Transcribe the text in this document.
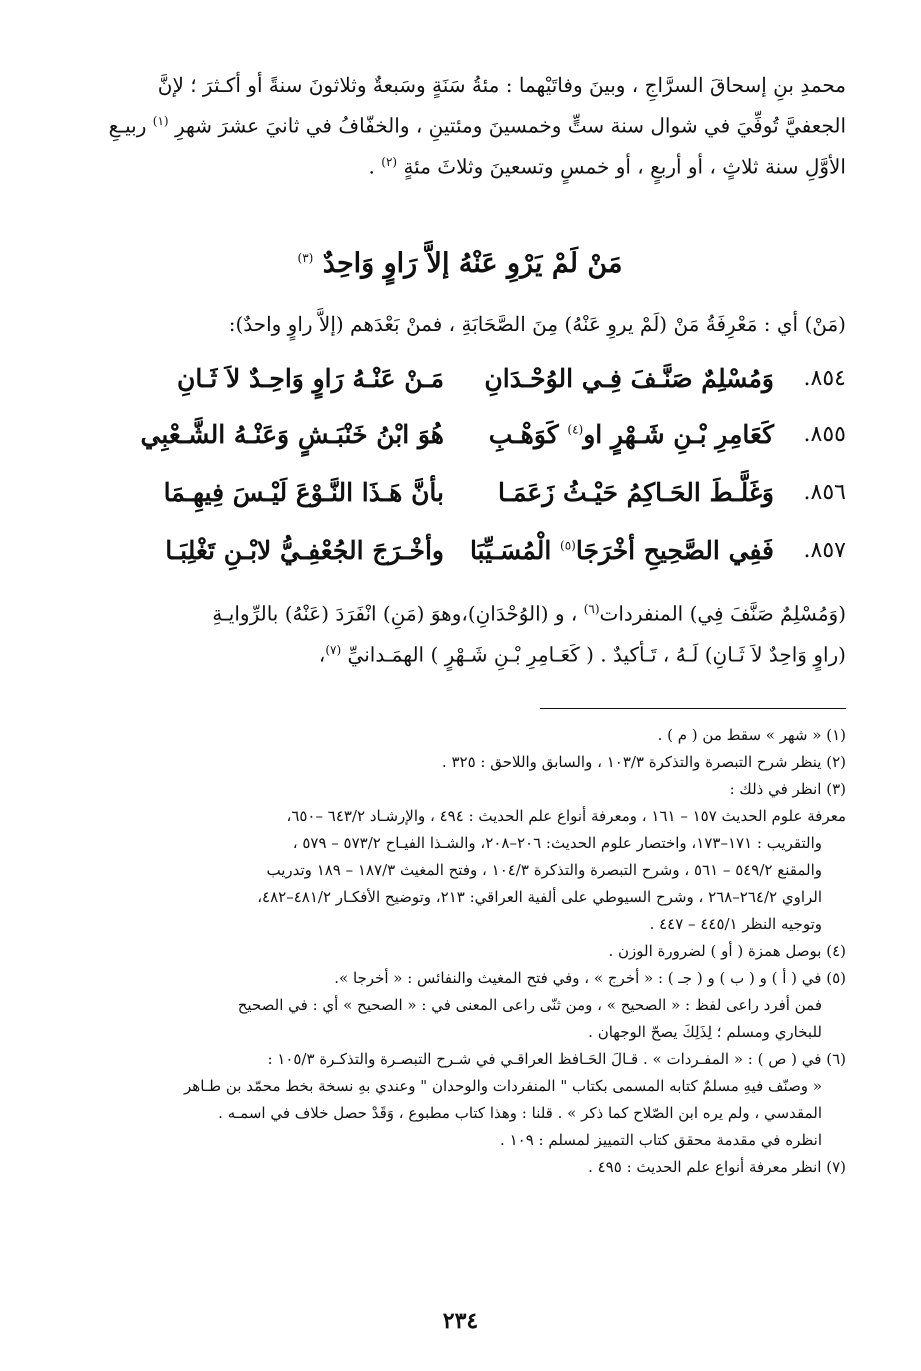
محمدِ بنِ إسحاقَ السرَّاجِ ، وبينَ وفاتَيْهما : مئةُ سَنَةٍ وسَبعةٌ وثلاثونَ سنةً أو أكـثرَ ؛ لإنَّ

الجعفيَّ تُوفِّيَ في شوال سنة ستٍّ وخمسينَ ومئتينِ ، والخفّافُ في ثانيَ عشرَ شهرِ $^{(١)}$ ربيـعِ

الأوَّلِ سنة ثلاثٍ ، أو أربعٍ ، أو خمسٍ وتسعينَ وثلاثَ مئةٍ $^{(٢)}$ .

مَنْ لَمْ يَرْوِ عَنْهُ إلاَّ رَاوٍ وَاحِدٌ $^{(٣)}$
(مَنْ) أي : مَعْرِفَةُ مَنْ (لَمْ يروِ عَنْهُ) مِنَ الصَّحَابَةِ ، فمنْ بَعْدَهم (إلاَّ راوٍ واحدٌ):
٨٥٤.
وَمُسْلِمٌ صَنَّـفَ فِـي الوُحْـدَانِ
مَـنْ عَنْـهُ رَاوٍ وَاحِـدٌ لاَ ثَـانِ
٨٥٥.
كَعَامِرِ بْـنِ شَـهْرٍ او$^{(٤)}$ كَوَهْـبِ
هُوَ ابْنُ خَنْبَـشٍ وَعَنْـهُ الشَّـعْبِي
٨٥٦.
وَغَلَّـطَ الحَـاكِمُ حَيْـثُ زَعَمَـا
بأنَّ هَـذَا النَّـوْعَ لَيْـسَ فِيهِـمَا
٨٥٧.
فَفِي الصَّحِيحِ أخْرَجَا$^{(٥)}$ الْمُسَـيِّبَا
وأخْـرَجَ الجُعْفِـيُّ لابْـنِ تَغْلِبَـا

(وَمُسْلِمٌ صَنَّفَ فِي) المنفردات$^{(٦)}$ ، و (الوُحْدَانِ)،وهوَ (مَنِ) انْفَرَدَ (عَنْهُ) بالرِّوايـةِ

(راوٍ وَاحِدٌ لاَ ثَـانِ) لَـهُ ، تَـأكيدٌ . ( كَعَـامِرِ بْـنِ شَـهْرٍ ) الهمَـدانيِّ $^{(٧)}$،

(١) « شهر » سقط من ( م ) .

(٢) ينظر شرح التبصرة والتذكرة ١٠٣/٣ ، والسابق واللاحق : ٣٢٥ .

(٣) انظر في ذلك :

معرفة علوم الحديث ١٥٧ – ١٦١ ، ومعرفة أنواع علم الحديث : ٤٩٤ ، والإرشـاد ٦٤٣/٢ –٦٥٠،

والتقريب : ١٧١–١٧٣، واختصار علوم الحديث: ٢٠٦–٢٠٨، والشـذا الفيـاح ٥٧٣/٢ – ٥٧٩ ،

والمقنع ٥٤٩/٢ – ٥٦١ ، وشرح التبصرة والتذكرة ١٠٤/٣ ، وفتح المغيث ١٨٧/٣ – ١٨٩ وتدريب

الراوي ٢٦٤/٢–٢٦٨ ، وشرح السيوطي على ألفية العراقي: ٢١٣، وتوضيح الأفكـار ٤٨١/٢–٤٨٢،

وتوجيه النظر ٤٤٥/١ – ٤٤٧ .

(٤) بوصل همزة ( أو ) لضرورة الوزن .

(٥) في ( أ ) و ( ب ) و ( جـ ) : « أخرج » ، وفي فتح المغيث والنفائس : « أخرجا ».

فمن أفرد راعى لفظ : « الصحيح » ، ومن ثنّى راعى المعنى في : « الصحيح » أي : في الصحيح

للبخاري ومسلم ؛ لِذَلِكَ يصحّ الوجهان .

(٦) في ( ص ) : « المفـردات » . قـالَ الحَـافظ العراقـي في شـرح التبصـرة والتذكـرة ١٠٥/٣ :

« وصنّف فيهِ مسلمٌ كتابه المسمى بكتاب " المنفردات والوحدان " وعندي بهِ نسخة بخط محمّد بن طـاهر

المقدسي ، ولم يره ابن الصّلاح كما ذكر » . قلنا : وهذا كتاب مطبوع ، وَقَدْ حصل خلاف في اسمـه .

انظره في مقدمة محقق كتاب التمييز لمسلم : ١٠٩ .

(٧) انظر معرفة أنواع علم الحديث : ٤٩٥ .

٢٣٤
